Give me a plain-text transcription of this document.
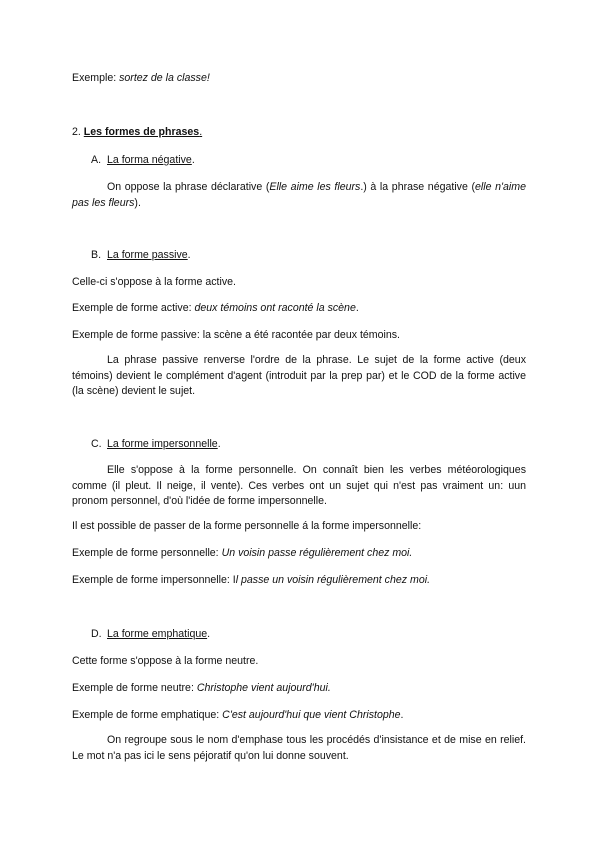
Exemple: sortez de la classe!
2. Les formes de phrases.
A. La forma négative.
On oppose la phrase déclarative (Elle aime les fleurs.) à la phrase négative (elle n'aime pas les fleurs).
B. La forme passive.
Celle-ci s'oppose à la forme active.
Exemple de forme active: deux témoins ont raconté la scène.
Exemple de forme passive: la scène a été racontée par deux témoins.
La phrase passive renverse l'ordre de la phrase. Le sujet de la forme active (deux témoins) devient le complément d'agent (introduit par la prep par) et le COD de la forme active (la scène) devient le sujet.
C. La forme impersonnelle.
Elle s'oppose à la forme personnelle. On connaît bien les verbes météorologiques comme (il pleut. Il neige, il vente). Ces verbes ont un sujet qui n'est pas vraiment un: uun pronom personnel, d'où l'idée de forme impersonnelle.
Il est possible de passer de la forme personnelle á la forme impersonnelle:
Exemple de forme personnelle: Un voisin passe régulièrement chez moi.
Exemple de forme impersonnelle: Il passe un voisin régulièrement chez moi.
D. La forme emphatique.
Cette forme s'oppose à la forme neutre.
Exemple de forme neutre: Christophe vient aujourd'hui.
Exemple de forme emphatique: C'est aujourd'hui que vient Christophe.
On regroupe sous le nom d'emphase tous les procédés d'insistance et de mise en relief. Le mot n'a pas ici le sens péjoratif qu'on lui donne souvent.
